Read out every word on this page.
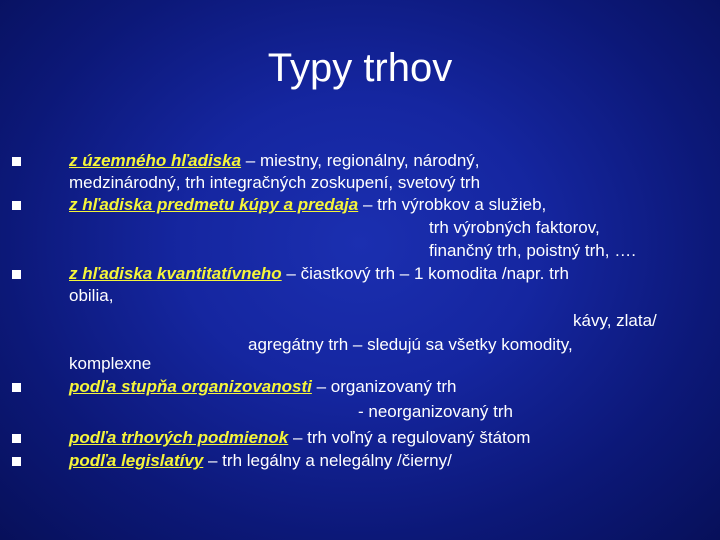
Typy trhov
z územného hľadiska – miestny, regionálny, národný,
medzinárodný, trh integračných zoskupení, svetový trh
z hľadiska predmetu kúpy a predaja – trh výrobkov a služieb,
trh výrobných faktorov,
finančný trh, poistný trh, ….
z hľadiska kvantitatívneho – čiastkový trh – 1 komodita /napr. trh
obilia,
kávy, zlata/
agregátny trh – sledujú sa všetky komodity,
komplexne
podľa stupňa organizovanosti – organizovaný trh
- neorganizovaný trh
podľa trhových podmienok – trh voľný a regulovaný štátom
podľa legislatívy – trh legálny a nelegálny /čierny/
